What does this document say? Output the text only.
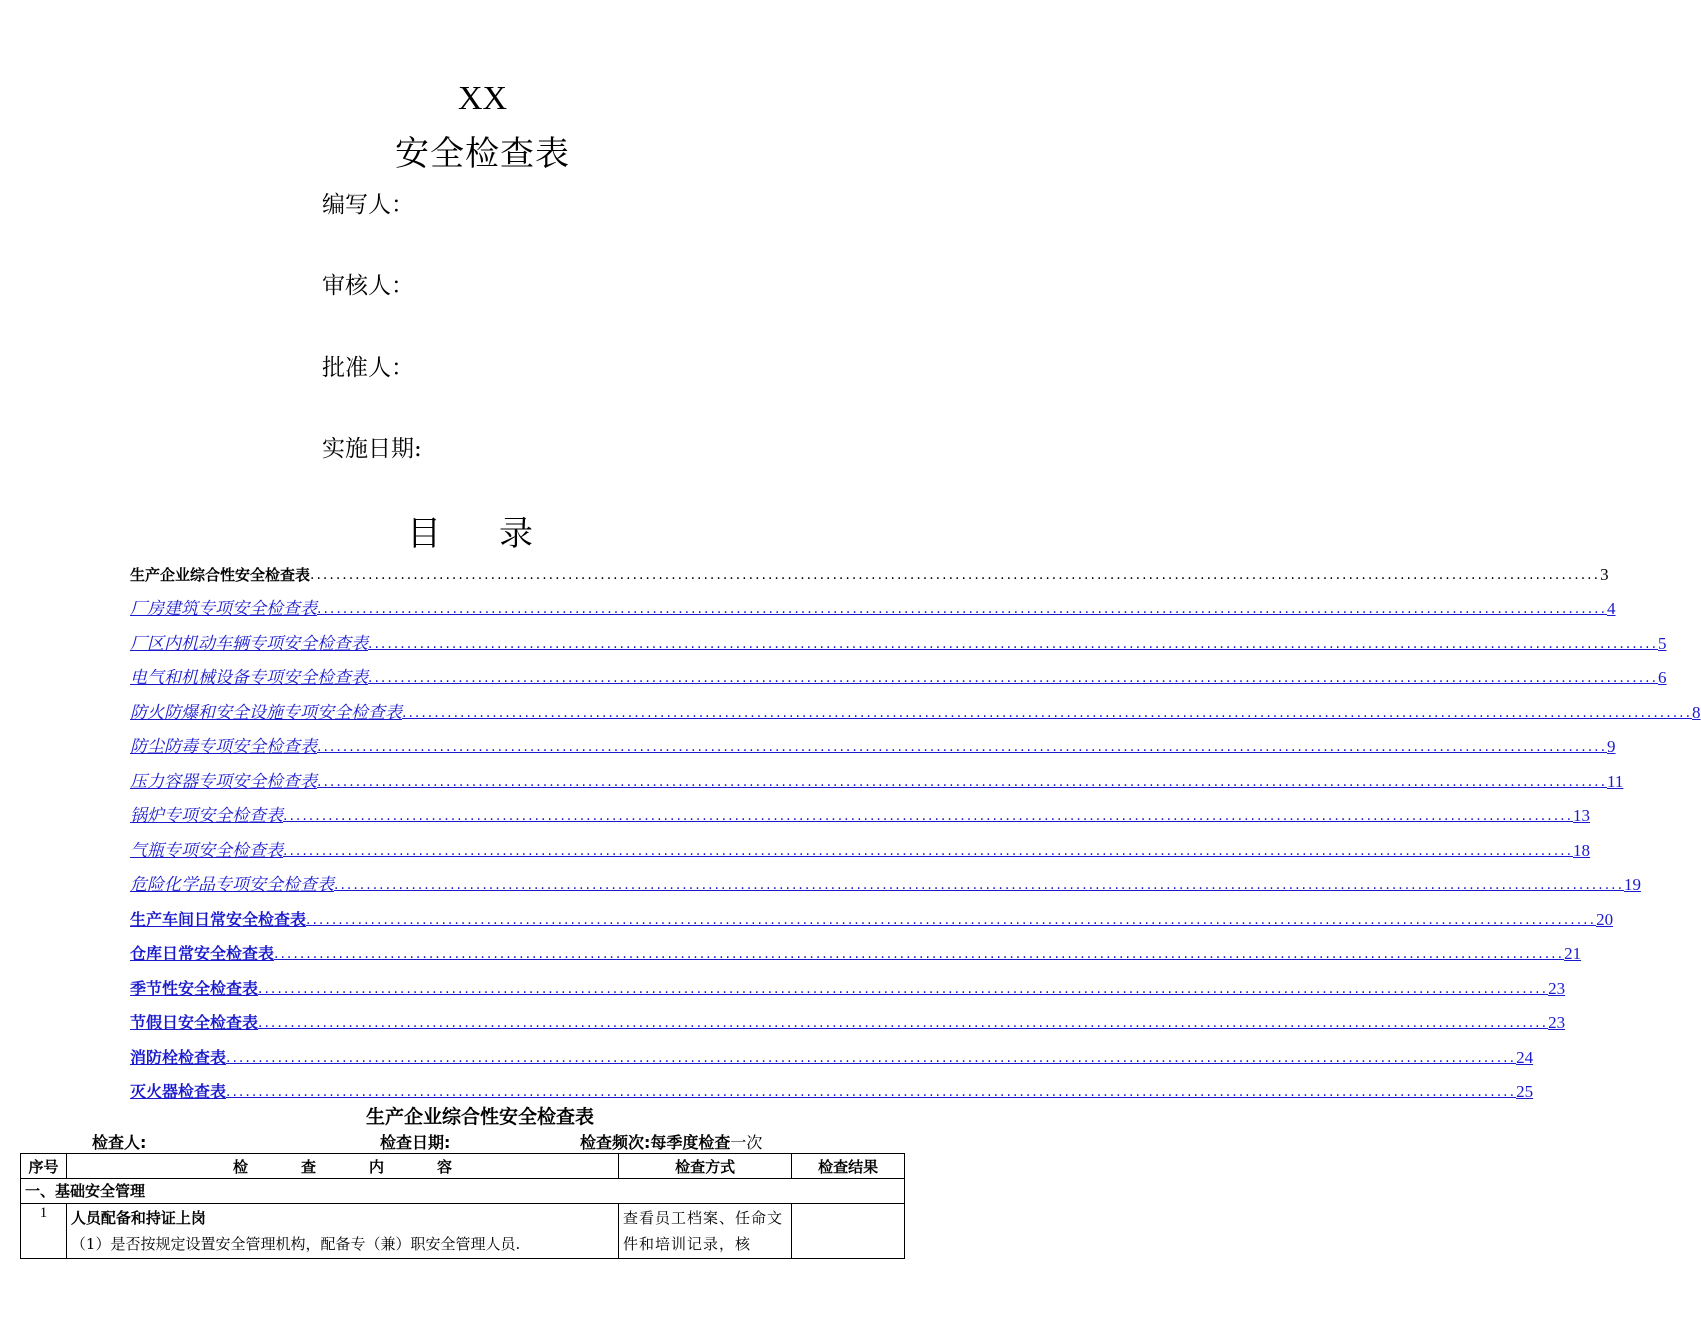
XX
安全检查表
编写人：
审核人：
批准人：
实施日期:
目 录
生产企业综合性安全检查表 ........................................................................................................................................................................................................ 3
厂房建筑专项安全检查表 ........................................................................................................................................................................................................ 4
厂区内机动车辆专项安全检查表 ........................................................................................................................................................................................................ 5
电气和机械设备专项安全检查表 ........................................................................................................................................................................................................ 6
防火防爆和安全设施专项安全检查表 ........................................................................................................................................................................................................ 8
防尘防毒专项安全检查表 ........................................................................................................................................................................................................ 9
压力容器专项安全检查表 ........................................................................................................................................................................................................ 11
锅炉专项安全检查表 ........................................................................................................................................................................................................ 13
气瓶专项安全检查表 ........................................................................................................................................................................................................ 18
危险化学品专项安全检查表 ........................................................................................................................................................................................................ 19
生产车间日常安全检查表 ........................................................................................................................................................................................................ 20
仓库日常安全检查表 ........................................................................................................................................................................................................ 21
季节性安全检查表 ........................................................................................................................................................................................................ 23
节假日安全检查表 ........................................................................................................................................................................................................ 23
消防栓检查表 ........................................................................................................................................................................................................ 24
灭火器检查表 ........................................................................................................................................................................................................ 25
生产企业综合性安全检查表
检查人:	检查日期:	检查频次:每季度检查一次
序号	检 查 内 容	检查方式	检查结果
一、基础安全管理			
1	人员配备和持证上岗
（1）是否按规定设置安全管理机构，配备专（兼）职安全管理人员.	查看员工档案、任命文件和培训记录，核	
